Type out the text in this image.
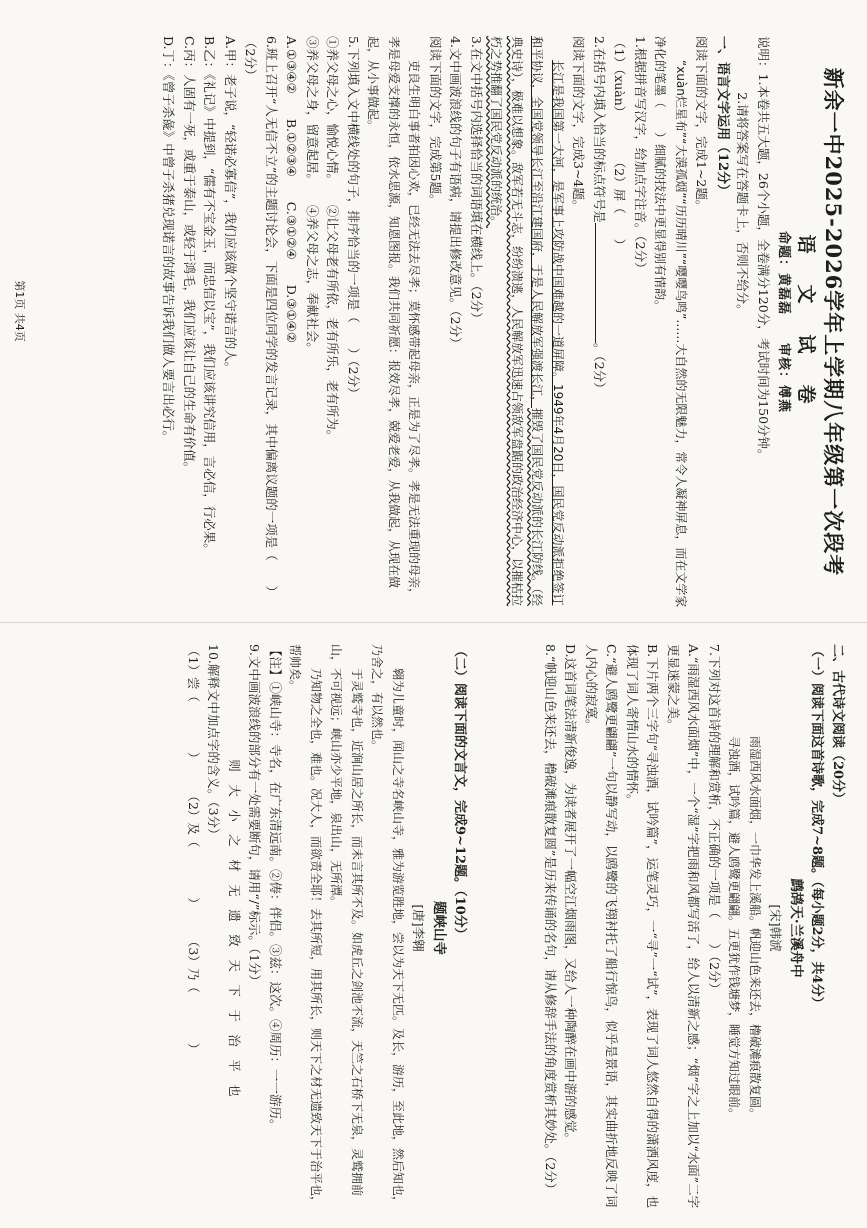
新余一中2025-2026学年上学期八年级第一次段考
语　文　试　卷
命题：黄磊磊　　审核：傅燕

说明：1.本卷共五大题，26个小题，全卷满分120分，考试时间为150分钟。

2.请将答案写在答题卡上，否则不给分。

一、语言文字运用（12分）

阅读下面的文字，完成1~2题。

“xuàn烂星布”“大漠孤烟”“历历晴川”“嘤嘤鸟鸣”……大自然的无限魅力，常令人凝神屏息，而在文学家净化的笔墨（　　）细腻的技法中更显得别有情韵。

1.根据拼音写汉字，给加点字注音。（2分）

（1）（xuàn）　　　　（2）屏（　　）

2.在括号内填入恰当的标点符号是。（2分）

阅读下面的文字，完成3~4题。

长江是我国第一大河，是军事上攻防战中国难越的一道屏障。1949年4月20日，国民党反动派拒绝签订和平协议，全国党领导长江至沿江建国府，于是人民解放军强渡长江，摧毁了国民党反动派的长江防线。（经典史诗），极难以想象。敌军若无斗志，纷纷溃逃，人民解放军迅速占领敌军盘踞的政治经济中心，以摧枯拉朽之势推翻了国民党反动派的统治。

3.在文中括号内选择恰当的词语填在横线上。（2分）

4.文中画波浪线的句子有语病，请提出修改意见。（2分）

阅读下面的文字，完成第5题。

吏良生明白事者拍因心欢，已经无法去尽孝；莫怀感带起母亲，正是为了尽孝。孝是无法重现的母亲，孝是母爱支撑的永恒，依水思源，知恩图报。我们共同祈愿：报效尽孝，兢爱老爱，从我做起，从现在做起，从小事做起。

5.下列填入文中横线处的句子，排序恰当的一项是（　　）（2分）

①养父母之心，愉悦心情。　　②让父母老有所依，老有所乐，老有所为。

③养父母之身，留意起居。　　④养父母之志，奉献社会。

A.①③④②　　B.①②③④　　C.③①②④　　D.③①④②

6.班上召开“人无信不立”的主题讨论会，下面是四位同学的发言记录，其中偏离议题的一项是（　　）（2分）

A.甲：老子说，“轻诺必寡信”，我们应该做个坚守诺言的人。

B.乙：《礼记》中提到，“儒有不宝金玉，而忠信以宝”，我们应该讲究信用，言必信，行必果。

C.丙：人固有一死，或重于泰山，或轻于鸿毛，我们应该让自己的生命有价值。

D.丁：《曾子杀彘》中曾子杀猪兑现诺言的故事告诉我们做人要言出必行。

第1页 共4页

二、古代诗文阅读（20分）

（一）阅读下面这首诗歌，完成7~8题。（每小题2分，共4分）

鹧鸪天·兰溪舟中
[宋]韩淲

雨湿西风水面烟，一巾华发上溪船。帆迎山色来还去，橹破滩痕散复圆。

寻浊酒，试吟篇，避人鸥鹭更翩翩。五更犹作钱塘梦，睡觉方知过眼前。

7.下列对这首诗的理解和赏析，不正确的一项是（　　）（2分）

A.“雨湿西风水面烟”中，一个“湿”字把雨和风都写活了，给人以清新之感；“烟”字之上加以“水面”二字更显迷蒙之美。

B.下片两个三字句“寻浊酒，试吟篇”，运笔灵巧，一“寻”一“试”，表现了词人悠然自得的潇洒风度，也体现了词人寄情山水的情怀。

C.“避人鸥鹭更翩翩”一句以静写动，以鸥鹭的飞翔衬托了船行惊鸟，似乎是景语，其实曲折地反映了词人内心的寂寞。

D.这首词笔法清新俊逸，为读者展开了一幅空江烟雨图，又给人一种陶醉在画中游的感觉。

8.“帆迎山色来还去，橹破滩痕散复圆”是历来传诵的名句，请从修辞手法的角度赏析其妙处。（2分）

（二）阅读下面的文言文，完成9~12题。（10分）

题峡山寺
[唐]李翱

翱为儿童时，闻山之寺名峡山寺，雅为游览胜地，尝以为天下无匹。及长，游历，至此地，然后知也，乃舍之，有以然也。

于灵鹫寺也，近涧山居之所长，而未言其所不及。如虎丘之剑池不流，天竺之石桥下无泉，灵鹫拥前山，不可视远；峡山亦少平地，泉出山，无所潭。

乃知物之全也，难也。况大人，而欲责全耶！去其所短，用其所长，则天下之材无遗致天下于治平也，帮帅矣。

【注】①峡山寺：寺名，在广东清远南。②俦：伴侣。③兹：这次。④周历：一一游历。

9.文中画波浪线的部分有一处需要断句，请用“/”标示。（1分）

则　大　小　之　材　无　遗　致　天　下　于　治　平　也

10.解释文中加点字的含义。（3分）

（1）尝（　　　　）　　　（2）及（　　　　）　　　（3）乃（　　　　）
